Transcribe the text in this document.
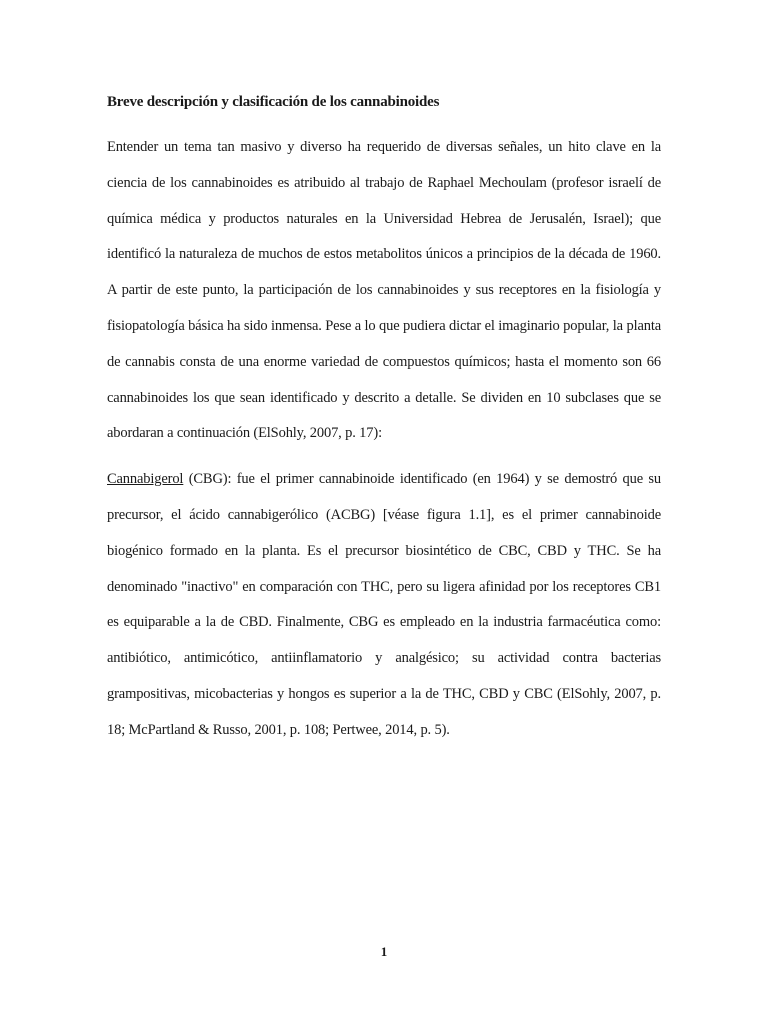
Breve descripción y clasificación de los cannabinoides

Entender un tema tan masivo y diverso ha requerido de diversas señales, un hito clave en la ciencia de los cannabinoides es atribuido al trabajo de Raphael Mechoulam (profesor israelí de química médica y productos naturales en la Universidad Hebrea de Jerusalén, Israel); que identificó la naturaleza de muchos de estos metabolitos únicos a principios de la década de 1960. A partir de este punto, la participación de los cannabinoides y sus receptores en la fisiología y fisiopatología básica ha sido inmensa. Pese a lo que pudiera dictar el imaginario popular, la planta de cannabis consta de una enorme variedad de compuestos químicos; hasta el momento son 66 cannabinoides los que sean identificado y descrito a detalle. Se dividen en 10 subclases que se abordaran a continuación (ElSohly, 2007, p. 17):

Cannabigerol (CBG): fue el primer cannabinoide identificado (en 1964) y se demostró que su precursor, el ácido cannabigerólico (ACBG) [véase figura 1.1], es el primer cannabinoide biogénico formado en la planta. Es el precursor biosintético de CBC, CBD y THC. Se ha denominado "inactivo" en comparación con THC, pero su ligera afinidad por los receptores CB1 es equiparable a la de CBD. Finalmente, CBG es empleado en la industria farmacéutica como: antibiótico, antimicótico, antiinflamatorio y analgésico; su actividad contra bacterias grampositivas, micobacterias y hongos es superior a la de THC, CBD y CBC (ElSohly, 2007, p. 18; McPartland & Russo, 2001, p. 108; Pertwee, 2014, p. 5).

1
